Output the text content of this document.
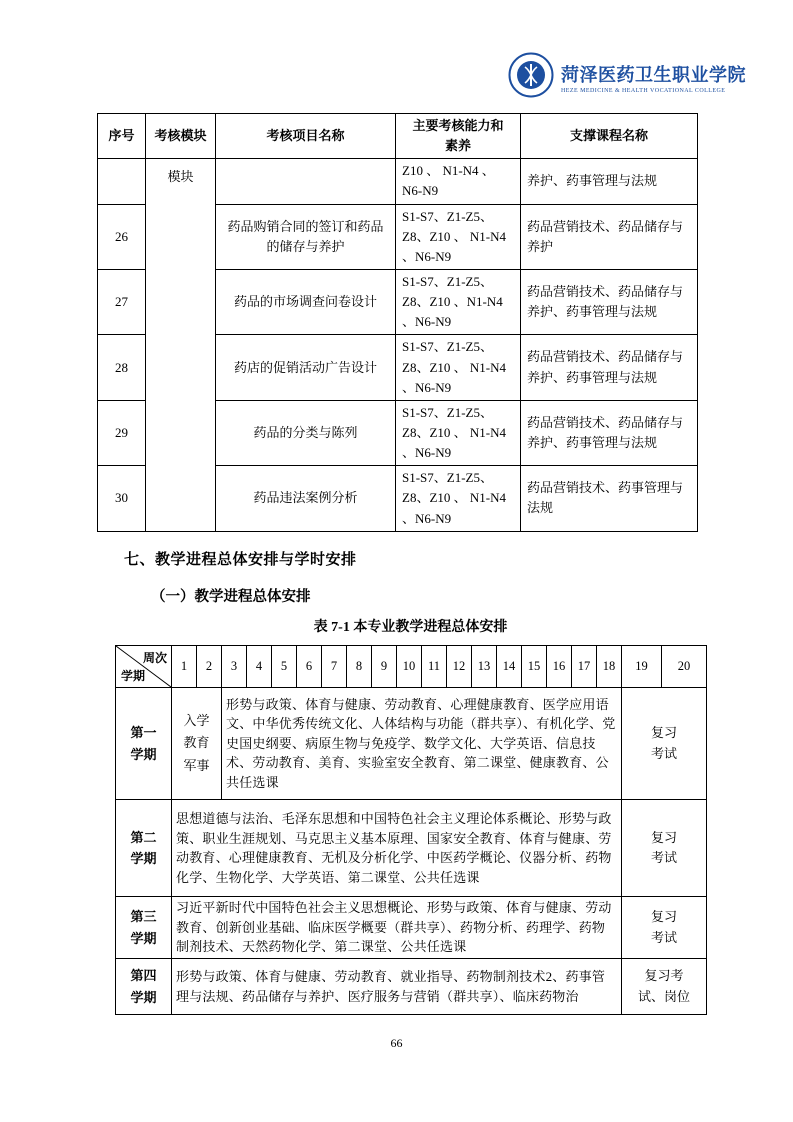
菏泽医药卫生职业学院
HEZE MEDICINE & HEALTH VOCATIONAL COLLEGE
序号	考核模块	考核项目名称	主要考核能力和素养	支撑课程名称
	模块		Z10 、 N1-N4 、N6-N9	养护、药事管理与法规
26		药品购销合同的签订和药品的储存与养护	S1-S7、Z1-Z5、Z8、Z10 、 N1-N4 、N6-N9	药品营销技术、药品储存与养护
27		药品的市场调查问卷设计	S1-S7、Z1-Z5、Z8、Z10 、N1-N4 、N6-N9	药品营销技术、药品储存与养护、药事管理与法规
28		药店的促销活动广告设计	S1-S7、Z1-Z5、Z8、Z10 、 N1-N4 、N6-N9	药品营销技术、药品储存与养护、药事管理与法规
29		药品的分类与陈列	S1-S7、Z1-Z5、Z8、Z10 、 N1-N4 、N6-N9	药品营销技术、药品储存与养护、药事管理与法规
30		药品违法案例分析	S1-S7、Z1-Z5、Z8、Z10 、 N1-N4 、N6-N9	药品营销技术、药事管理与法规
七、教学进程总体安排与学时安排
（一）教学进程总体安排
表 7-1 本专业教学进程总体安排
周次
学期	1	2	3	4	5	6	7	8	9	10	11	12	13	14	15	16	17	18	19	20
第一学期	入学教育军事		形势与政策、体育与健康、劳动教育、心理健康教育、医学应用语文、中华优秀传统文化、人体结构与功能（群共享）、有机化学、党史国史纲要、病原生物与免疫学、数学文化、大学英语、信息技术、劳动教育、美育、实验室安全教育、第二课堂、健康教育、公共任选课																复习考试	
第二学期	思想道德与法治、毛泽东思想和中国特色社会主义理论体系概论、形势与政策、职业生涯规划、马克思主义基本原理、国家安全教育、体育与健康、劳动教育、心理健康教育、无机及分析化学、中医药学概论、仪器分析、药物化学、生物化学、大学英语、第二课堂、公共任选课																		复习考试	
第三学期	习近平新时代中国特色社会主义思想概论、形势与政策、体育与健康、劳动教育、创新创业基础、临床医学概要（群共享）、药物分析、药理学、药物制剂技术、天然药物化学、第二课堂、公共任选课																		复习考试	
第四学期	形势与政策、体育与健康、劳动教育、就业指导、药物制剂技术2、药事管理与法规、药品储存与养护、医疗服务与营销（群共享）、临床药物治																		复习考试、岗位	
66
